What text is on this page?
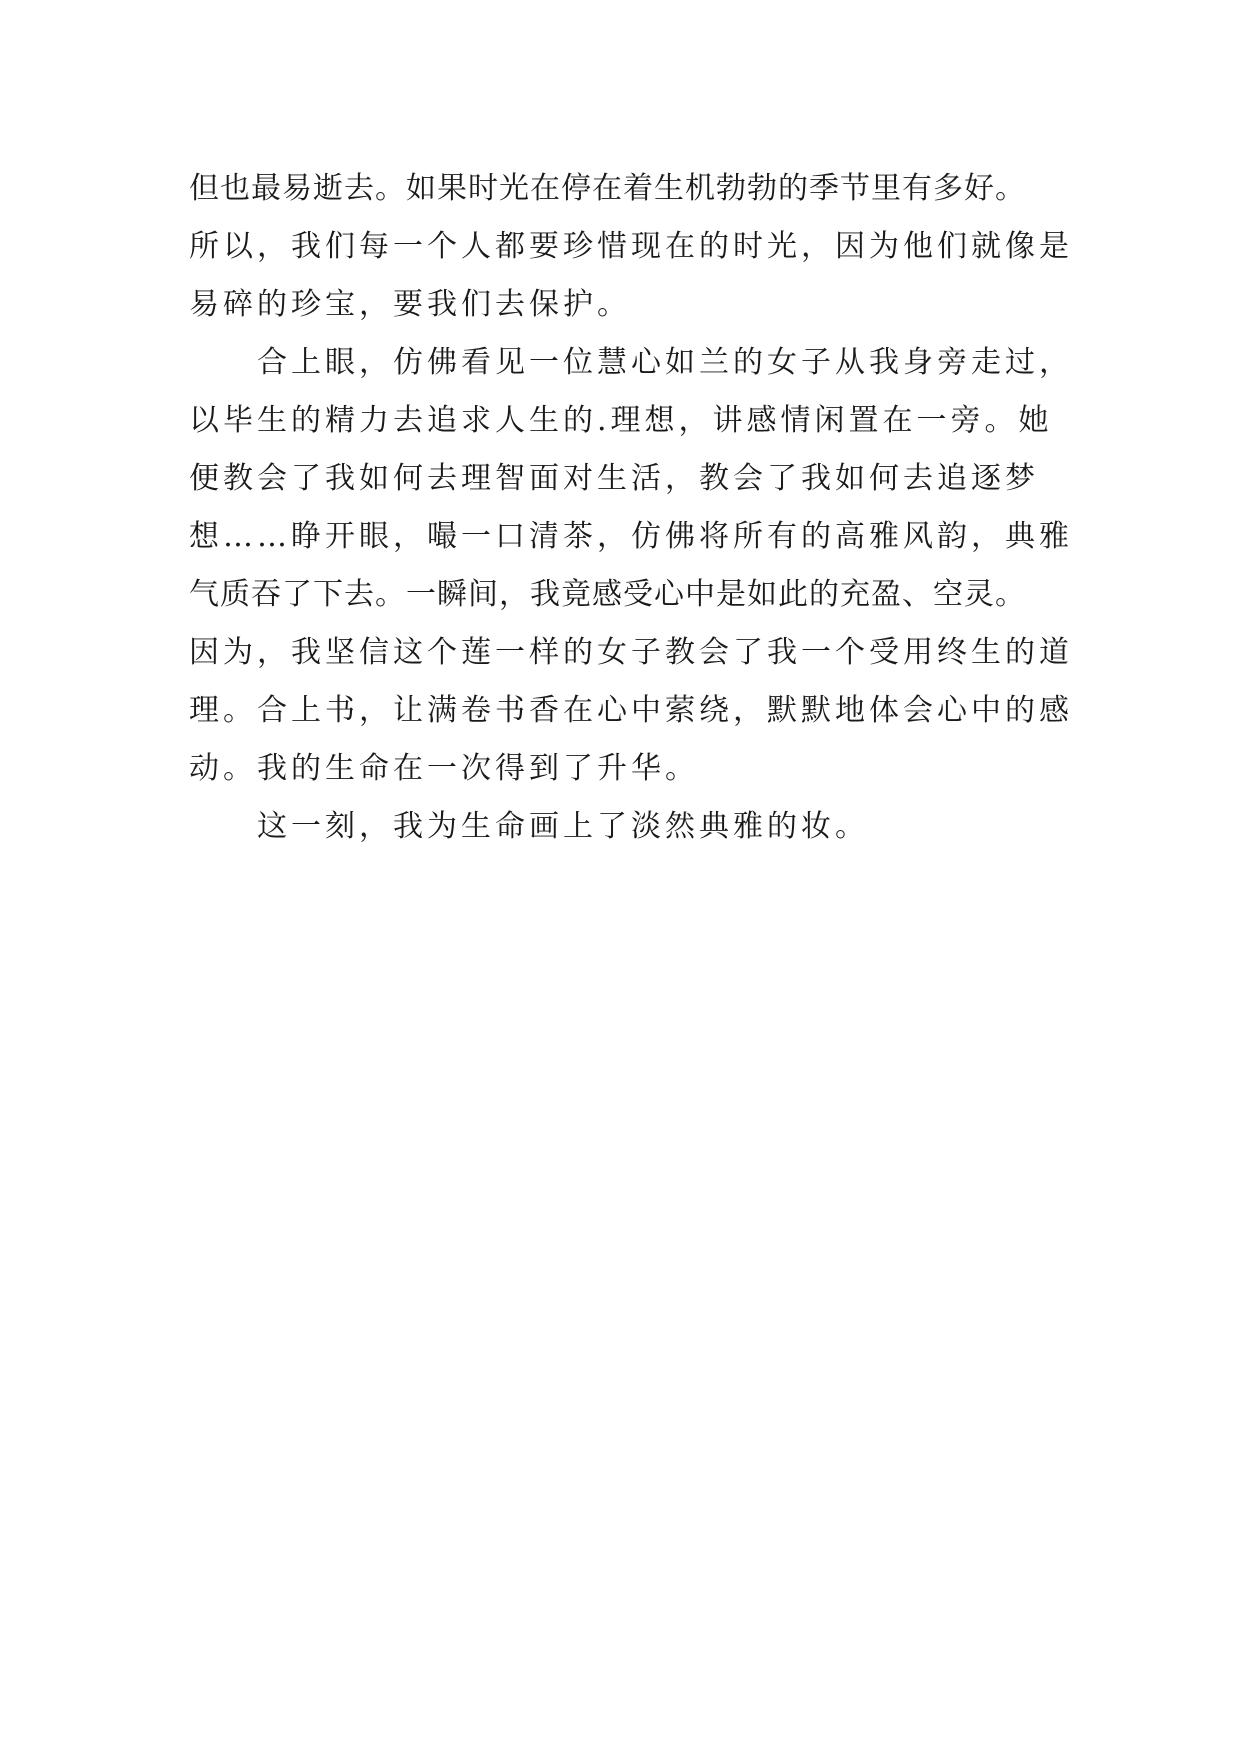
但也最易逝去。如果时光在停在着生机勃勃的季节里有多好。
所以，我们每一个人都要珍惜现在的时光，因为他们就像是
易碎的珍宝，要我们去保护。
合上眼，仿佛看见一位慧心如兰的女子从我身旁走过，
以毕生的精力去追求人生的.理想，讲感情闲置在一旁。她
便教会了我如何去理智面对生活，教会了我如何去追逐梦
想……睁开眼，嘬一口清茶，仿佛将所有的高雅风韵，典雅
气质吞了下去。一瞬间，我竟感受心中是如此的充盈、空灵。
因为，我坚信这个莲一样的女子教会了我一个受用终生的道
理。合上书，让满卷书香在心中萦绕，默默地体会心中的感
动。我的生命在一次得到了升华。
这一刻，我为生命画上了淡然典雅的妆。
